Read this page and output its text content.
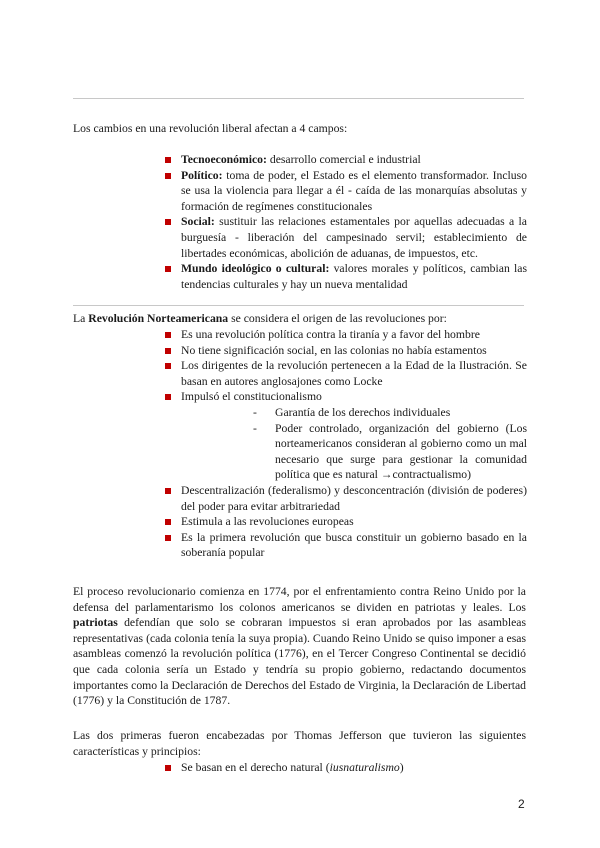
Los cambios en una revolución liberal afectan a 4 campos:

Tecnoeconómico: desarrollo comercial e industrial
Político: toma de poder, el Estado es el elemento transformador. Incluso se usa la violencia para llegar a él - caída de las monarquías absolutas y formación de regímenes constitucionales
Social: sustituir las relaciones estamentales por aquellas adecuadas a la burguesía - liberación del campesinado servil; establecimiento de libertades económicas, abolición de aduanas, de impuestos, etc.
Mundo ideológico o cultural: valores morales y políticos, cambian las tendencias culturales y hay un nueva mentalidad

La Revolución Norteamericana se considera el origen de las revoluciones por:

Es una revolución política contra la tiranía y a favor del hombre
No tiene significación social, en las colonias no había estamentos
Los dirigentes de la revolución pertenecen a la Edad de la Ilustración. Se basan en autores anglosajones como Locke
Impulsó el constitucionalismo
- Garantía de los derechos individuales
- Poder controlado, organización del gobierno (Los norteamericanos consideran al gobierno como un mal necesario que surge para gestionar la comunidad política que es natural →contractualismo)
Descentralización (federalismo) y desconcentración (división de poderes) del poder para evitar arbitrariedad
Estimula a las revoluciones europeas
Es la primera revolución que busca constituir un gobierno basado en la soberanía popular

El proceso revolucionario comienza en 1774, por el enfrentamiento contra Reino Unido por la defensa del parlamentarismo los colonos americanos se dividen en patriotas y leales. Los patriotas defendían que solo se cobraran impuestos si eran aprobados por las asambleas representativas (cada colonia tenía la suya propia). Cuando Reino Unido se quiso imponer a esas asambleas comenzó la revolución política (1776), en el Tercer Congreso Continental se decidió que cada colonia sería un Estado y tendría su propio gobierno, redactando documentos importantes como la Declaración de Derechos del Estado de Virginia, la Declaración de Libertad (1776) y la Constitución de 1787.

Las dos primeras fueron encabezadas por Thomas Jefferson que tuvieron las siguientes características y principios:

Se basan en el derecho natural (iusnaturalismo)
2
